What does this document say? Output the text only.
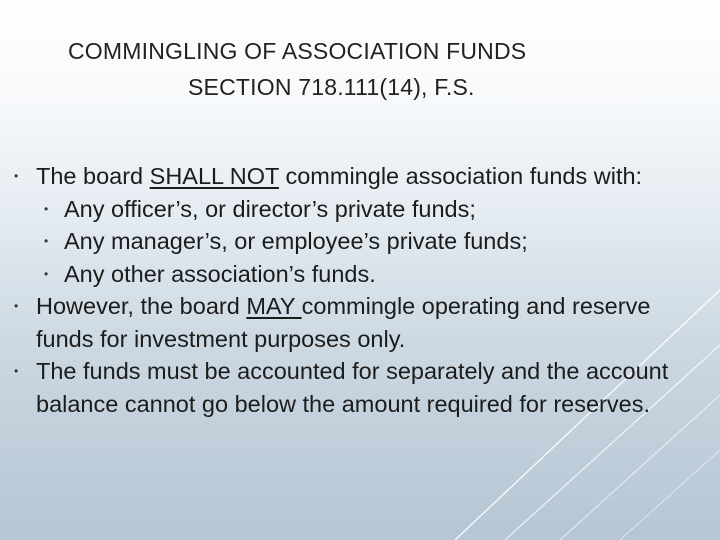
COMMINGLING OF ASSOCIATION FUNDS
SECTION 718.111(14), F.S.
• The board SHALL NOT commingle association funds with:
• Any officer’s, or director’s private funds;
• Any manager’s, or employee’s private funds;
• Any other association’s funds.
• However, the board MAY commingle operating and reserve funds for investment purposes only.
• The funds must be accounted for separately and the account balance cannot go below the amount required for reserves.
